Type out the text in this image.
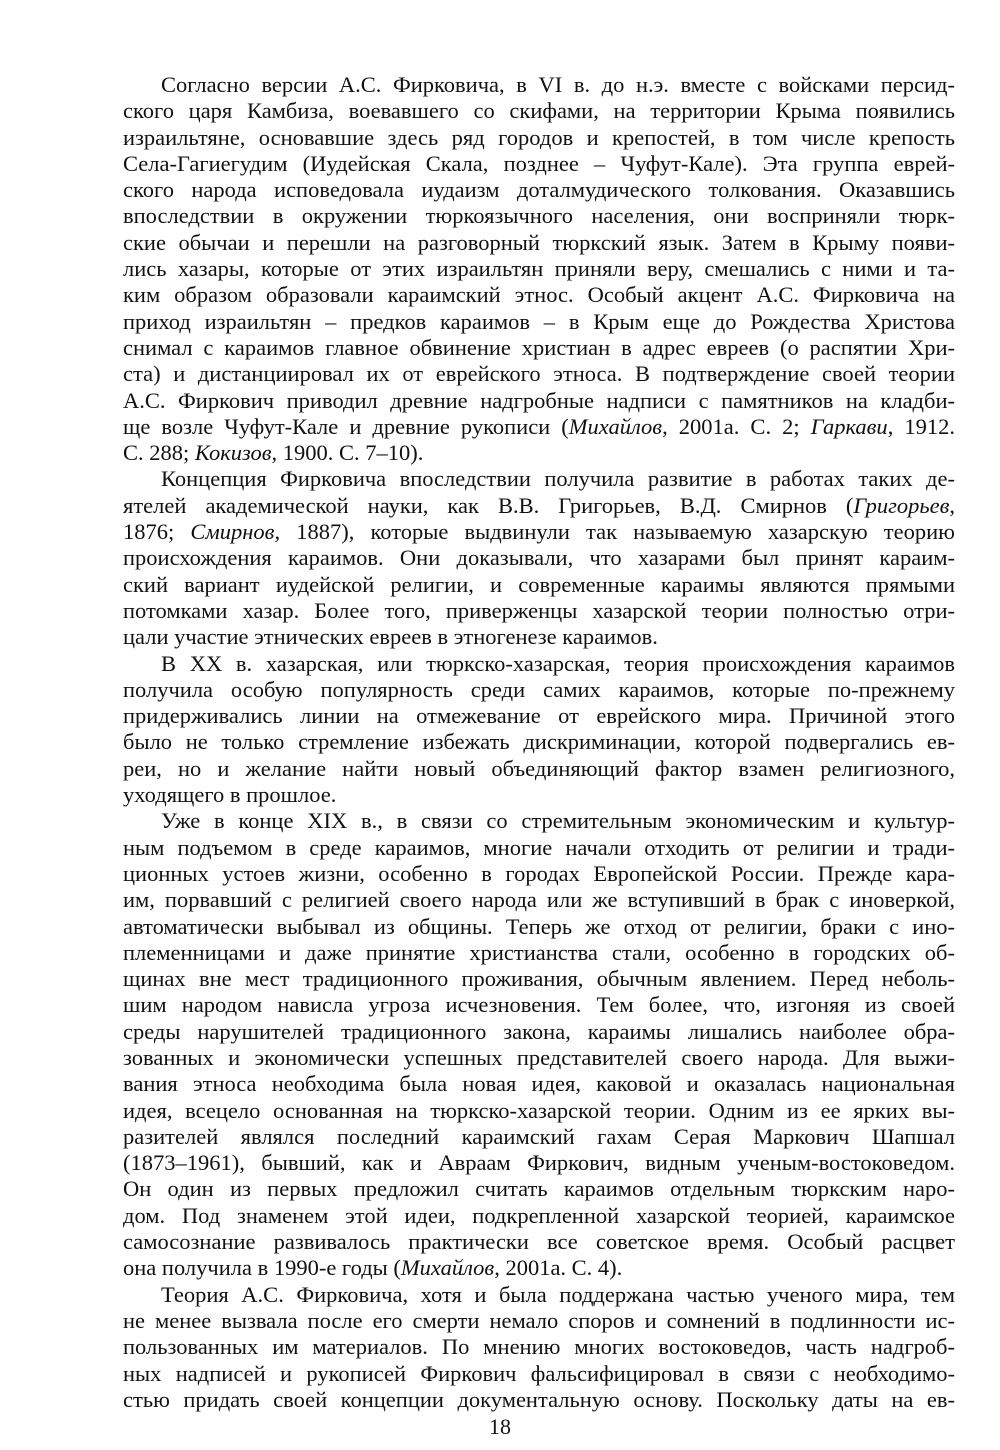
Согласно версии А.С. Фирковича, в VI в. до н.э. вместе с войсками персид-
ского царя Камбиза, воевавшего со скифами, на территории Крыма появились
израильтяне, основавшие здесь ряд городов и крепостей, в том числе крепость
Села-Гагиегудим (Иудейская Скала, позднее – Чуфут-Кале). Эта группа еврей-
ского народа исповедовала иудаизм доталмудического толкования. Оказавшись
впоследствии в окружении тюркоязычного населения, они восприняли тюрк-
ские обычаи и перешли на разговорный тюркский язык. Затем в Крыму появи-
лись хазары, которые от этих израильтян приняли веру, смешались с ними и та-
ким образом образовали караимский этнос. Особый акцент А.С. Фирковича на
приход израильтян – предков караимов – в Крым еще до Рождества Христова
снимал с караимов главное обвинение христиан в адрес евреев (о распятии Хри-
ста) и дистанциировал их от еврейского этноса. В подтверждение своей теории
А.С. Фиркович приводил древние надгробные надписи с памятников на кладби-
ще возле Чуфут-Кале и древние рукописи (Михайлов, 2001а. С. 2; Гаркави, 1912.
С. 288; Кокизов, 1900. С. 7–10).
Концепция Фирковича впоследствии получила развитие в работах таких де-
ятелей академической науки, как В.В. Григорьев, В.Д. Смирнов (Григорьев,
1876; Смирнов, 1887), которые выдвинули так называемую хазарскую теорию
происхождения караимов. Они доказывали, что хазарами был принят караим-
ский вариант иудейской религии, и современные караимы являются прямыми
потомками хазар. Более того, приверженцы хазарской теории полностью отри-
цали участие этнических евреев в этногенезе караимов.
В XX в. хазарская, или тюркско-хазарская, теория происхождения караимов
получила особую популярность среди самих караимов, которые по-прежнему
придерживались линии на отмежевание от еврейского мира. Причиной этого
было не только стремление избежать дискриминации, которой подвергались ев-
реи, но и желание найти новый объединяющий фактор взамен религиозного,
уходящего в прошлое.
Уже в конце XIX в., в связи со стремительным экономическим и культур-
ным подъемом в среде караимов, многие начали отходить от религии и тради-
ционных устоев жизни, особенно в городах Европейской России. Прежде кара-
им, порвавший с религией своего народа или же вступивший в брак с иноверкой,
автоматически выбывал из общины. Теперь же отход от религии, браки с ино-
племенницами и даже принятие христианства стали, особенно в городских об-
щинах вне мест традиционного проживания, обычным явлением. Перед неболь-
шим народом нависла угроза исчезновения. Тем более, что, изгоняя из своей
среды нарушителей традиционного закона, караимы лишались наиболее обра-
зованных и экономически успешных представителей своего народа. Для выжи-
вания этноса необходима была новая идея, каковой и оказалась национальная
идея, всецело основанная на тюркско-хазарской теории. Одним из ее ярких вы-
разителей являлся последний караимский гахам Серая Маркович Шапшал
(1873–1961), бывший, как и Авраам Фиркович, видным ученым-востоковедом.
Он один из первых предложил считать караимов отдельным тюркским наро-
дом. Под знаменем этой идеи, подкрепленной хазарской теорией, караимское
самосознание развивалось практически все советское время. Особый расцвет
она получила в 1990-е годы (Михайлов, 2001а. С. 4).
Теория А.С. Фирковича, хотя и была поддержана частью ученого мира, тем
не менее вызвала после его смерти немало споров и сомнений в подлинности ис-
пользованных им материалов. По мнению многих востоковедов, часть надгроб-
ных надписей и рукописей Фиркович фальсифицировал в связи с необходимо-
стью придать своей концепции документальную основу. Поскольку даты на ев-
18
